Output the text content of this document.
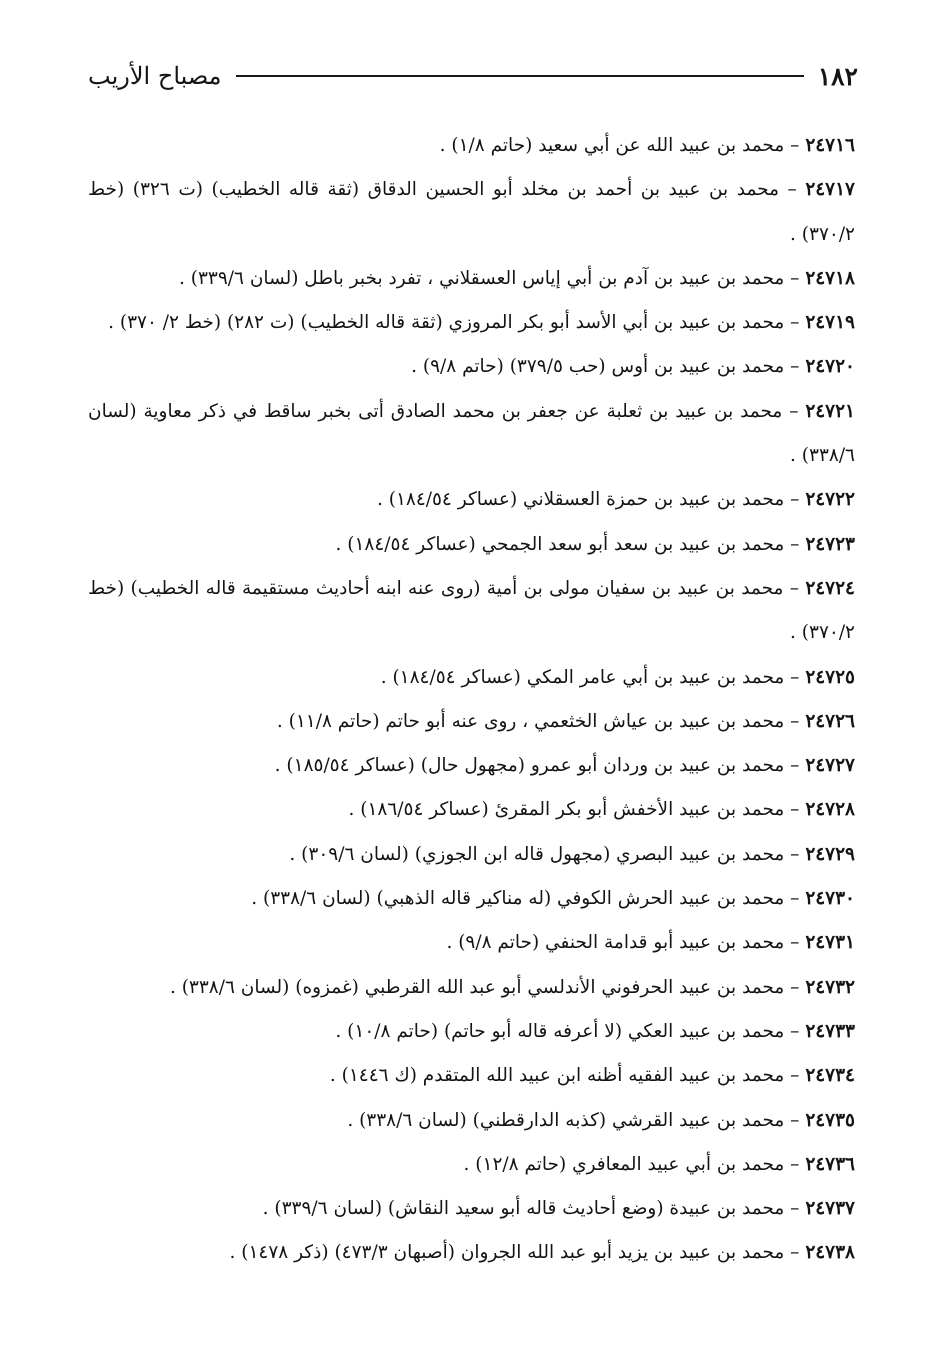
١٨٢
مصباح الأريب
٢٤٧١٦ – محمد بن عبيد الله عن أبي سعيد (حاتم ١/٨) .
٢٤٧١٧ – محمد بن عبيد بن أحمد بن مخلد أبو الحسين الدقاق (ثقة قاله الخطيب) (ت ٣٢٦) (خط ٣٧٠/٢) .
٢٤٧١٨ – محمد بن عبيد بن آدم بن أبي إياس العسقلاني ، تفرد بخبر باطل (لسان ٣٣٩/٦) .
٢٤٧١٩ – محمد بن عبيد بن أبي الأسد أبو بكر المروزي (ثقة قاله الخطيب) (ت ٢٨٢) (خط ٢/ ٣٧٠) .
٢٤٧٢٠ – محمد بن عبيد بن أوس (حب ٣٧٩/٥) (حاتم ٩/٨) .
٢٤٧٢١ – محمد بن عبيد بن ثعلبة عن جعفر بن محمد الصادق أتى بخبر ساقط في ذكر معاوية (لسان ٣٣٨/٦) .
٢٤٧٢٢ – محمد بن عبيد بن حمزة العسقلاني (عساكر ١٨٤/٥٤) .
٢٤٧٢٣ – محمد بن عبيد بن سعد أبو سعد الجمحي (عساكر ١٨٤/٥٤) .
٢٤٧٢٤ – محمد بن عبيد بن سفيان مولى بن أمية (روى عنه ابنه أحاديث مستقيمة قاله الخطيب) (خط ٣٧٠/٢) .
٢٤٧٢٥ – محمد بن عبيد بن أبي عامر المكي (عساكر ١٨٤/٥٤) .
٢٤٧٢٦ – محمد بن عبيد بن عياش الخثعمي ، روى عنه أبو حاتم (حاتم ١١/٨) .
٢٤٧٢٧ – محمد بن عبيد بن وردان أبو عمرو (مجهول حال) (عساكر ١٨٥/٥٤) .
٢٤٧٢٨ – محمد بن عبيد الأخفش أبو بكر المقرئ (عساكر ١٨٦/٥٤) .
٢٤٧٢٩ – محمد بن عبيد البصري (مجهول قاله ابن الجوزي) (لسان ٣٠٩/٦) .
٢٤٧٣٠ – محمد بن عبيد الحرش الكوفي (له مناكير قاله الذهبي) (لسان ٣٣٨/٦) .
٢٤٧٣١ – محمد بن عبيد أبو قدامة الحنفي (حاتم ٩/٨) .
٢٤٧٣٢ – محمد بن عبيد الحرفوني الأندلسي أبو عبد الله القرطبي (غمزوه) (لسان ٣٣٨/٦) .
٢٤٧٣٣ – محمد بن عبيد العكي (لا أعرفه قاله أبو حاتم) (حاتم ١٠/٨) .
٢٤٧٣٤ – محمد بن عبيد الفقيه أظنه ابن عبيد الله المتقدم (ك ١٤٤٦) .
٢٤٧٣٥ – محمد بن عبيد القرشي (كذبه الدارقطني) (لسان ٣٣٨/٦) .
٢٤٧٣٦ – محمد بن أبي عبيد المعافري (حاتم ١٢/٨) .
٢٤٧٣٧ – محمد بن عبيدة (وضع أحاديث قاله أبو سعيد النقاش) (لسان ٣٣٩/٦) .
٢٤٧٣٨ – محمد بن عبيد بن يزيد أبو عبد الله الجروان (أصبهان ٤٧٣/٣) (ذكر ١٤٧٨) .
